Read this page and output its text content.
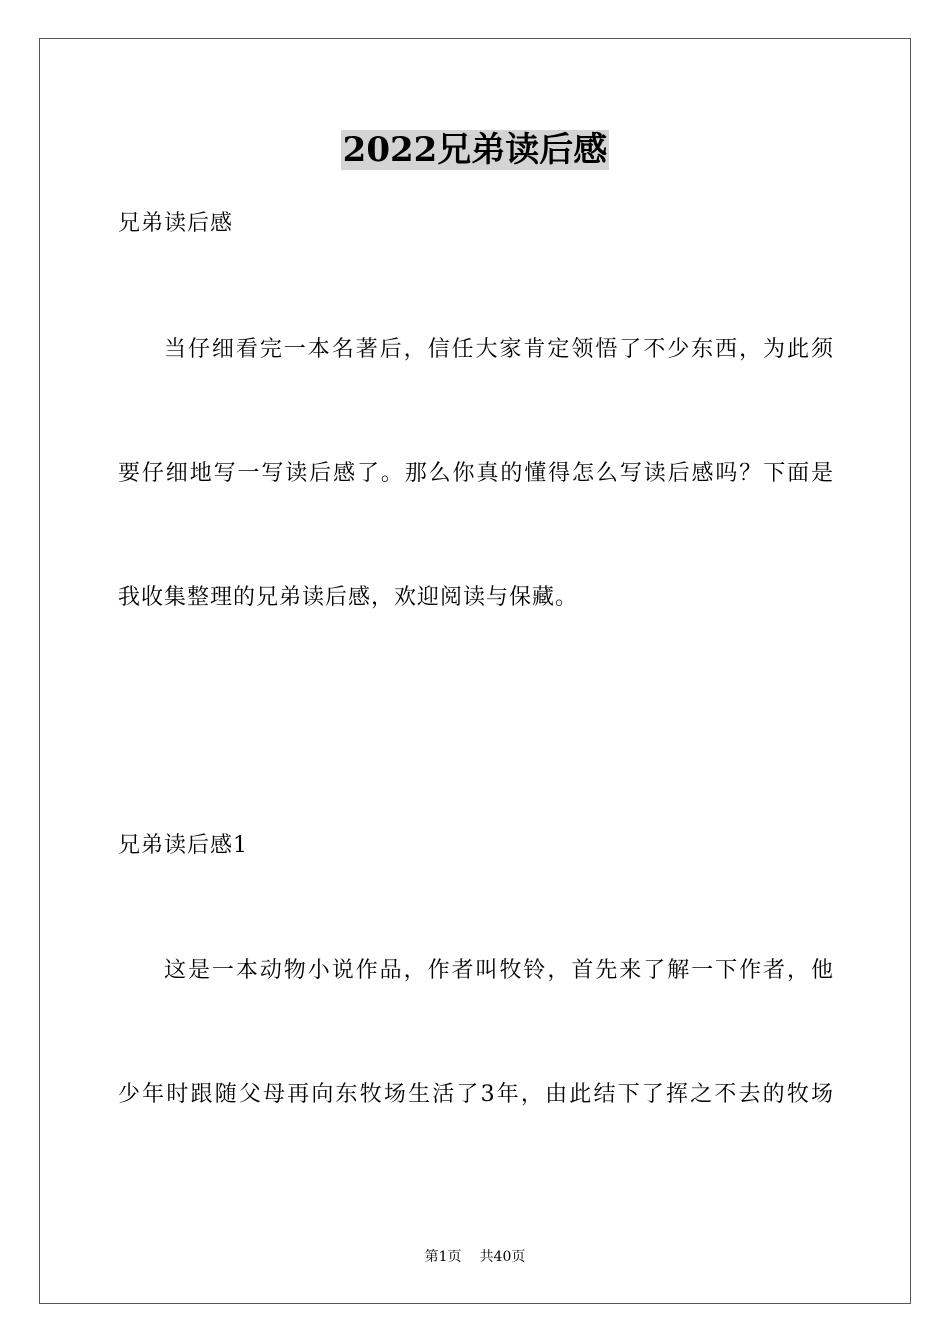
2022兄弟读后感
兄弟读后感
当仔细看完一本名著后，信任大家肯定领悟了不少东西，为此须
要仔细地写一写读后感了。那么你真的懂得怎么写读后感吗？下面是
我收集整理的兄弟读后感，欢迎阅读与保藏。
兄弟读后感1
这是一本动物小说作品，作者叫牧铃，首先来了解一下作者，他
少年时跟随父母再向东牧场生活了3年，由此结下了挥之不去的牧场
第1页 共40页
